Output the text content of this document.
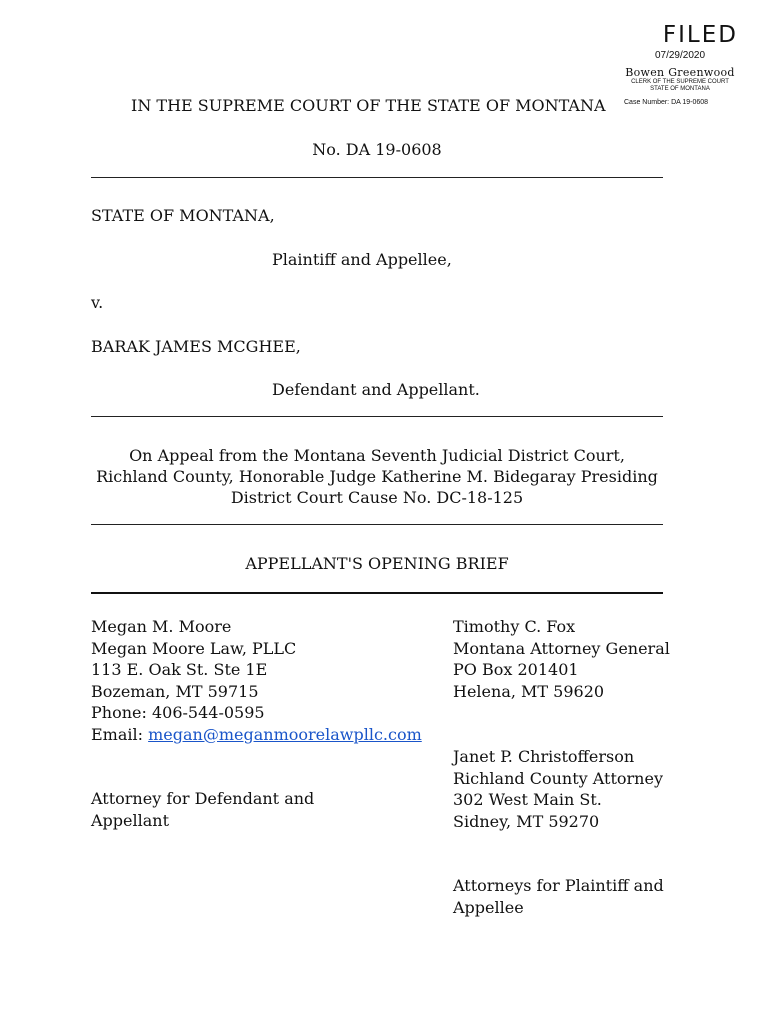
FILED
07/29/2020
Bowen Greenwood
CLERK OF THE SUPREME COURT STATE OF MONTANA
Case Number: DA 19-0608
IN THE SUPREME COURT OF THE STATE OF MONTANA
No. DA 19-0608
STATE OF MONTANA,
Plaintiff and Appellee,
v.
BARAK JAMES MCGHEE,
Defendant and Appellant.
On Appeal from the Montana Seventh Judicial District Court,
Richland County, Honorable Judge Katherine M. Bidegaray Presiding
District Court Cause No. DC-18-125
APPELLANT'S OPENING BRIEF
Megan M. Moore
Megan Moore Law, PLLC
113 E. Oak St. Ste 1E
Bozeman, MT 59715
Phone: 406-544-0595
Email: megan@meganmoorelawpllc.com
Attorney for Defendant and
Appellant
Timothy C. Fox
Montana Attorney General
PO Box 201401
Helena, MT 59620
Janet P. Christofferson
Richland County Attorney
302 West Main St.
Sidney, MT 59270
Attorneys for Plaintiff and
Appellee
